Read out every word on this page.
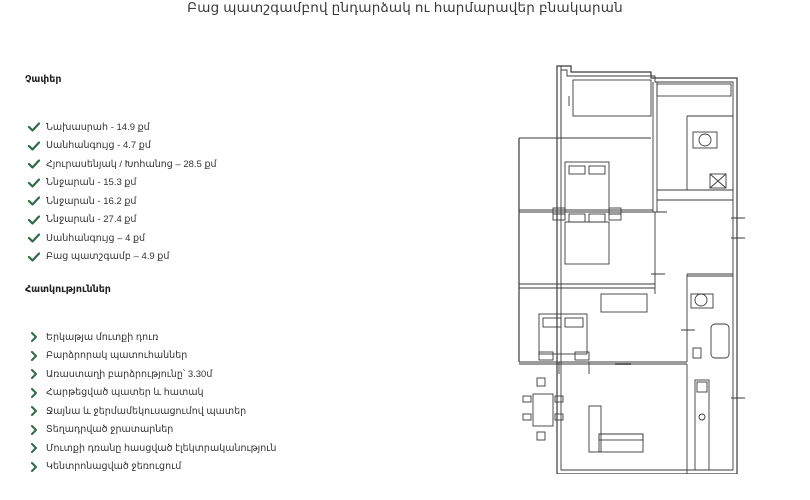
Բաց պատշգամբով ընդարձակ ու հարմարավեր բնակարան
Չափեր
Նախասրահ - 14.9 քմ
Սանհանգույց - 4.7 քմ
Հյուրասենյակ / Խոհանոց – 28.5 քմ
Ննջարան - 15.3 քմ
Ննջարան - 16.2 քմ
Ննջարան - 27.4 քմ
Սանհանգույց – 4 քմ
Բաց պատշգամբ – 4.9 քմ
Հատկություններ
Երկաթյա մուտքի դուռ
Բարձրորակ պատուհաններ
Առաստաղի բարձրությունը՝ 3.30մ
Հարթեցված պատեր և հատակ
Ջայնա և ջերմամեկուսացումով պատեր
Տեղադրված ջրատարներ
Մուտքի դռանը հասցված էլեկտրականություն
Կենտրոնացված ջեռուցում
